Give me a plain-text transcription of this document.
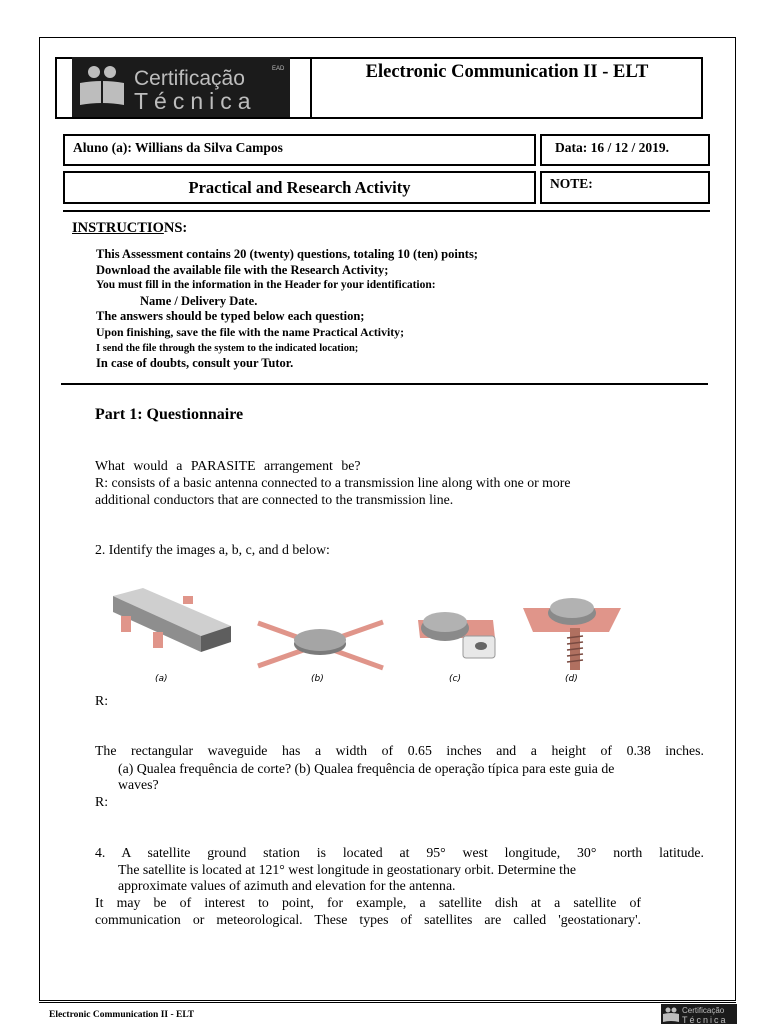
Certificação	EAD
Técnica
Electronic Communication II - ELT
Aluno (a): Willians da Silva Campos	Data: 16 / 12 / 2019.
Practical and Research Activity	NOTE:
INSTRUCTIONS:
This Assessment contains 20 (twenty) questions, totaling 10 (ten) points;
Download the available file with the Research Activity;
You must fill in the information in the Header for your identification:
Name / Delivery Date.
The answers should be typed below each question;
Upon finishing, save the file with the name Practical Activity;
I send the file through the system to the indicated location;
In case of doubts, consult your Tutor.
Part 1: Questionnaire
What would a PARASITE arrangement be?
R: consists of a basic antenna connected to a transmission line along with one or more
additional conductors that are connected to the transmission line.
2. Identify the images a, b, c, and d below:
(a)	(b)	(c)	(d)
R:
The rectangular waveguide has a width of 0.65 inches and a height of 0.38 inches.
(a) Qualea frequência de corte? (b) Qualea frequência de operação típica para este guia de
waves?
R:
4. A satellite ground station is located at 95° west longitude, 30° north latitude.
The satellite is located at 121° west longitude in geostationary orbit. Determine the
approximate values of azimuth and elevation for the antenna.
It may be of interest to point, for example, a satellite dish at a satellite of
communication or meteorological. These types of satellites are called 'geostationary'.
Electronic Communication II - ELT	Certificação
Técnica
